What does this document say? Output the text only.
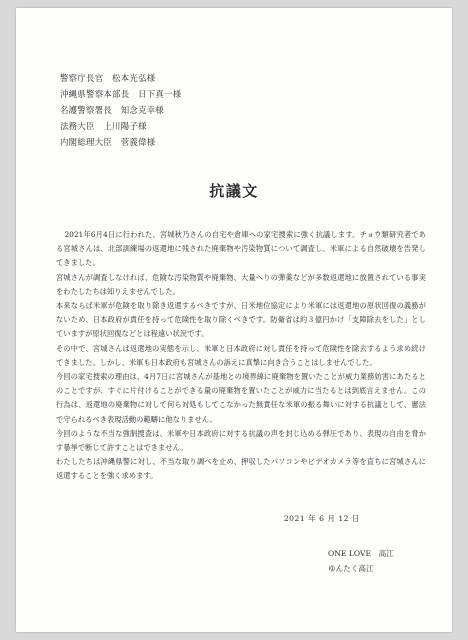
警察庁長官　松本光弘様
沖縄県警察本部長　日下真一様
名護警察署長　知念克幸様
法務大臣　上川陽子様
内閣総理大臣　菅義偉様
抗議文

2021年6月4日に行われた、宮城秋乃さんの自宅や倉庫への家宅捜索に強く抗議します。チョウ類研究者である宮城さんは、北部訓練場の返還地に残された廃棄物や汚染物質について調査し、米軍による自然破壊を告発してきました。

宮城さんが調査しなければ、危険な汚染物質や廃棄物、大量へりの弾薬などが多数返還地に放置されている事実をわたしたちは知りえませんでした。

本来ならば米軍が危険を取り除き返還するべきですが、日米地位協定により米軍には返還地の原状回復の義務がないため、日本政府が責任を持って危険性を取り除くべきです。防衛省は約３億円かけ「支障除去をした」としていますが原状回復などとは程遠い状況です。

その中で、宮城さんは返還地の実態を示し、米軍と日本政府に対し責任を持って危険性を除去するよう求め続けてきました。しかし、米軍も日本政府も宮城さんの訴えに真摯に向き合うことはしませんでした。

今回の家宅捜索の理由は、4月7日に宮城さんが基地との境界線に廃棄物を置いたことが威力業務妨害にあたるとのことですが、すぐに片付けることができる量の廃棄物を置いたことが威力に当たるとは到底言えません。この行為は、返還地の廃棄物に対して何ら対処もしてこなかった無責任な米軍の振る舞いに対する抗議として、憲法で守られるべき表現活動の範疇に他なりません。

今回のような不当な強制捜査は、米軍や日本政府に対する抗議の声を封じ込める弾圧であり、表現の自由を脅かす暴挙で断じて許すことはできません。

わたしたちは沖縄県警に対し、不当な取り調べを止め、押収したパソコンやビデオカメラ等を直ちに宮城さんに返還することを強く求めます。

2021 年 6 月 12 日
ONE LOVE　高江
ゆんたく高江
